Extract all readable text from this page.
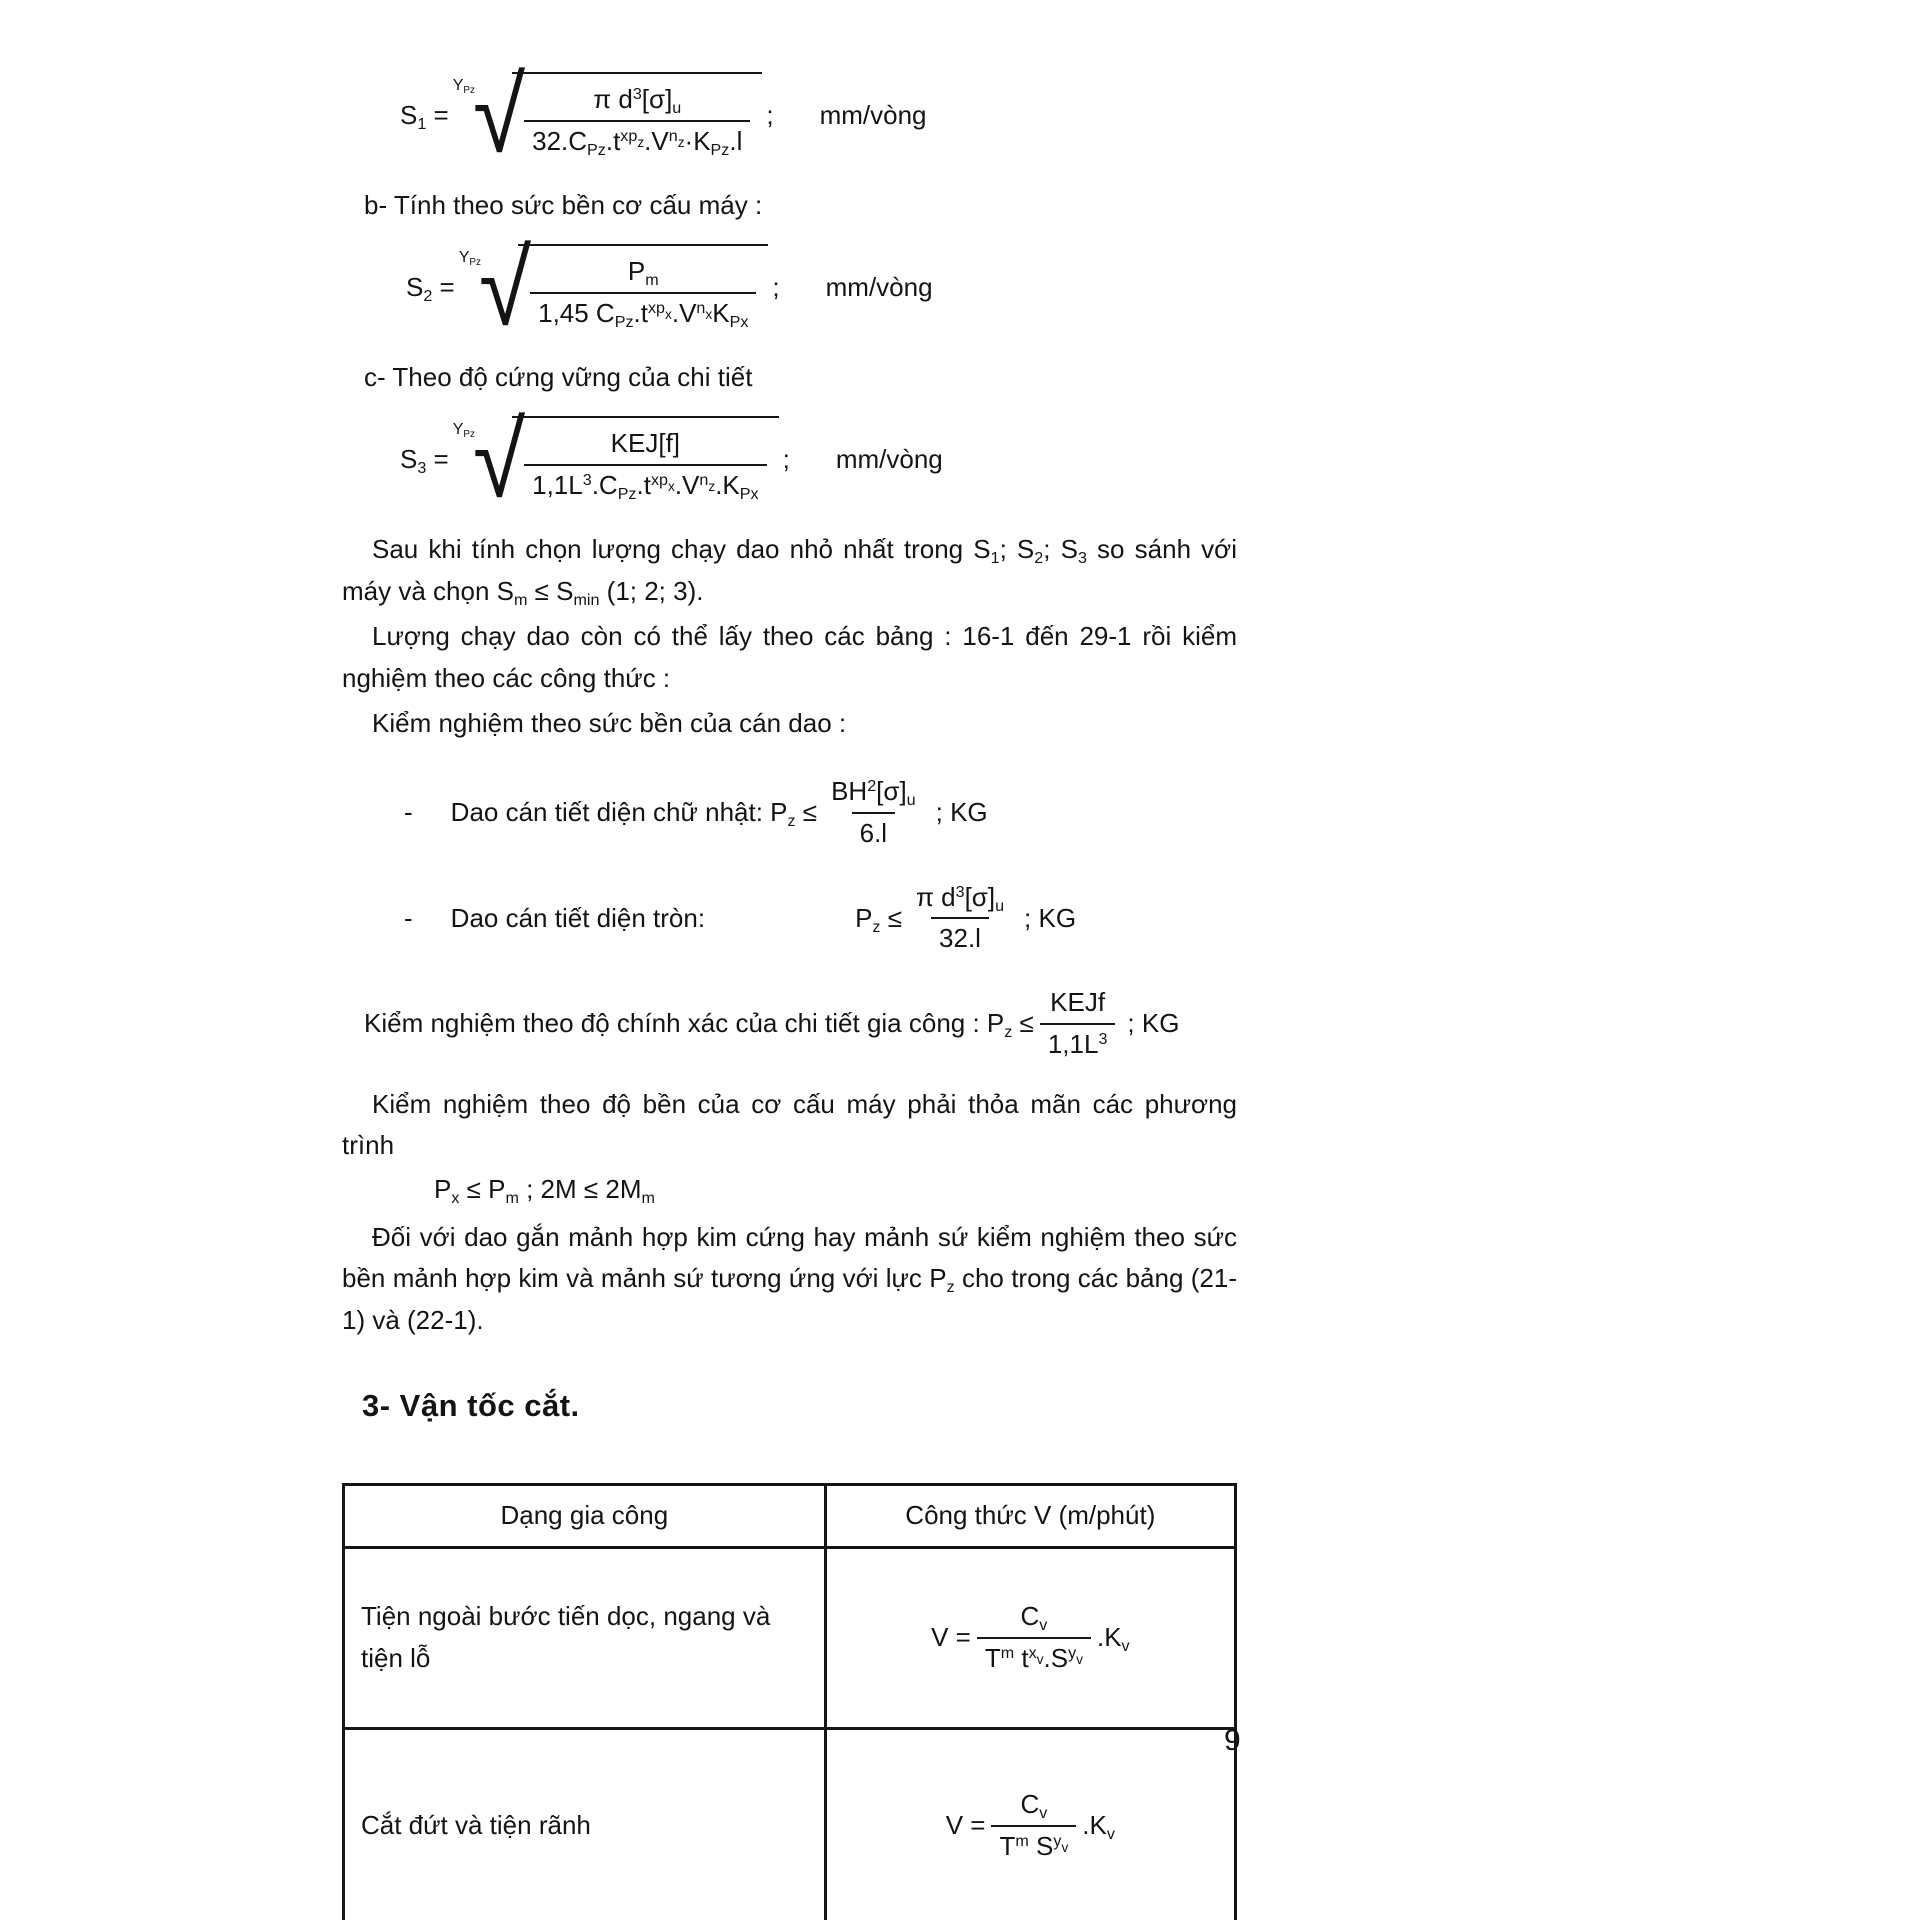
$S_1$ =
$Y_{Pz}$
√ $\frac{\pi d^3[\sigma]_u}{32.C_{Pz}.t^{xp_z}.V^{n_z}\cdot K_{Pz}.l}$ ; mm/vòng
b- Tính theo sức bền cơ cấu máy :
$S_2$ =
$Y_{Pz}$
√ $\frac{P_m}{1,45 C_{Pz}.t^{xp_x}.V^{n_x}K_{Px}}$ ; mm/vòng
c- Theo độ cứng vững của chi tiết
$S_3$ =
$Y_{Pz}$
√ $\frac{\text{KEJ[f]}}{1,1L^3.C_{Pz}.t^{xp_x}.V^{n_z}.K_{Px}}$ ; mm/vòng

Sau khi tính chọn lượng chạy dao nhỏ nhất trong $S_1$; $S_2$; $S_3$ so sánh với máy và chọn $S_m \le S_{min}$ (1; 2; 3).

Lượng chạy dao còn có thể lấy theo các bảng : 16-1 đến 29-1 rồi kiểm nghiệm theo các công thức :

Kiểm nghiệm theo sức bền của cán dao :

- Dao cán tiết diện chữ nhật: $P_z \le \frac{BH^2[\sigma]_u}{6.l}$ ; KG
- Dao cán tiết diện tròn:	$P_z \le \frac{\pi d^3[\sigma]_u}{32.l}$ ; KG
Kiểm nghiệm theo độ chính xác của chi tiết gia công : $P_z \le \frac{\text{KEJf}}{1,1L^3}$ ; KG

Kiểm nghiệm theo độ bền của cơ cấu máy phải thỏa mãn các phương trình

$P_x \le P_m$ ; $2M \le 2M_m$

Đối với dao gắn mảnh hợp kim cứng hay mảnh sứ kiểm nghiệm theo sức bền mảnh hợp kim và mảnh sứ tương ứng với lực $P_z$ cho trong các bảng (21-1) và (22-1).

3- Vận tốc cắt.
Dạng gia công	Công thức V (m/phút)
Tiện ngoài bước tiến dọc, ngang và tiện lỗ	$V = \frac{C_v}{T^m t^{x_v}.S^{y_v}} .K_v$

Cắt đứt và tiện rãnh	$V = \frac{C_v}{T^m S^{y_v}} .K_v$
9
